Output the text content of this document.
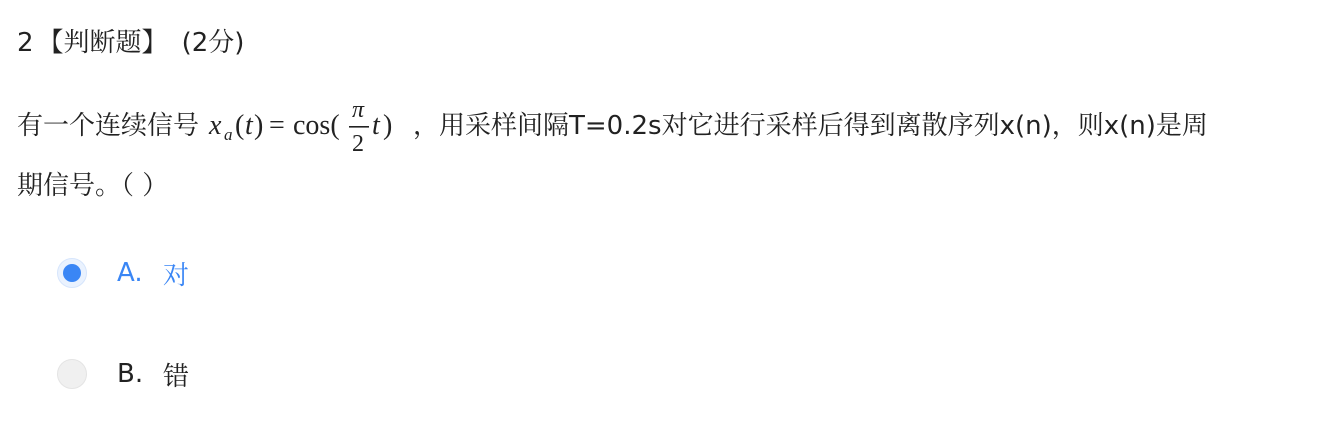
2 【判断题】 (2分)
有一个连续信号 x a ( t ) = cos( π
2
t ) ，用采样间隔T=0.2s对它进行采样后得到离散序列x(n)，则x(n)是周
期信号。（ ）
A. 对
B. 错
